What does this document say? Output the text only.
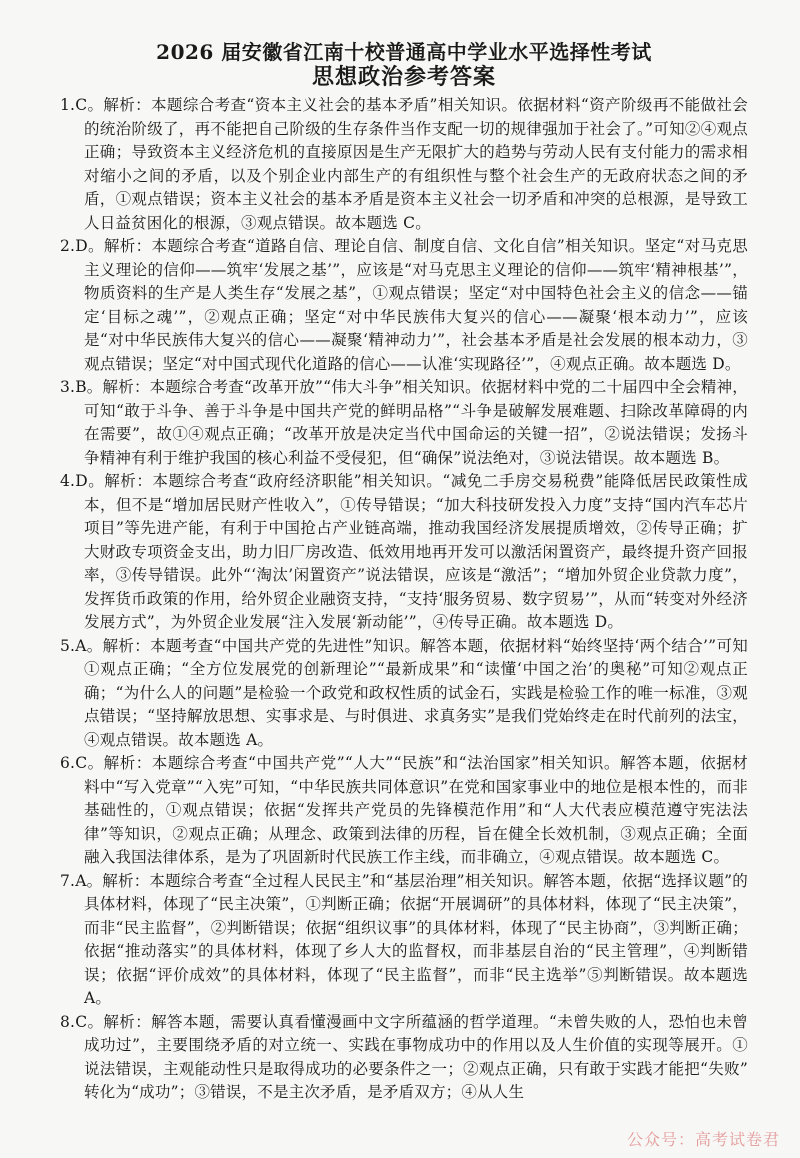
2026 届安徽省江南十校普通高中学业水平选择性考试
思想政治参考答案

1.C。解析：本题综合考查“资本主义社会的基本矛盾”相关知识。依据材料“资产阶级再不能做社会的统治阶级了，再不能把自己阶级的生存条件当作支配一切的规律强加于社会了。”可知②④观点正确；导致资本主义经济危机的直接原因是生产无限扩大的趋势与劳动人民有支付能力的需求相对缩小之间的矛盾，以及个别企业内部生产的有组织性与整个社会生产的无政府状态之间的矛盾，①观点错误；资本主义社会的基本矛盾是资本主义社会一切矛盾和冲突的总根源，是导致工人日益贫困化的根源，③观点错误。故本题选 C。

2.D。解析：本题综合考查“道路自信、理论自信、制度自信、文化自信”相关知识。坚定“对马克思主义理论的信仰——筑牢‘发展之基’”，应该是“对马克思主义理论的信仰——筑牢‘精神根基’”，物质资料的生产是人类生存“发展之基”，①观点错误；坚定“对中国特色社会主义的信念——锚定‘目标之魂’”，②观点正确；坚定“对中华民族伟大复兴的信心——凝聚‘根本动力’”，应该是“对中华民族伟大复兴的信心——凝聚‘精神动力’”，社会基本矛盾是社会发展的根本动力，③观点错误；坚定“对中国式现代化道路的信心——认准‘实现路径’”，④观点正确。故本题选 D。

3.B。解析：本题综合考查“改革开放”“伟大斗争”相关知识。依据材料中党的二十届四中全会精神，可知“敢于斗争、善于斗争是中国共产党的鲜明品格”“斗争是破解发展难题、扫除改革障碍的内在需要”，故①④观点正确；“改革开放是决定当代中国命运的关键一招”，②说法错误；发扬斗争精神有利于维护我国的核心利益不受侵犯，但“确保”说法绝对，③说法错误。故本题选 B。

4.D。解析：本题综合考查“政府经济职能”相关知识。“减免二手房交易税费”能降低居民政策性成本，但不是“增加居民财产性收入”，①传导错误；“加大科技研发投入力度”支持“国内汽车芯片项目”等先进产能，有利于中国抢占产业链高端，推动我国经济发展提质增效，②传导正确；扩大财政专项资金支出，助力旧厂房改造、低效用地再开发可以激活闲置资产，最终提升资产回报率，③传导错误。此外“‘淘汰’闲置资产”说法错误，应该是“激活”；“增加外贸企业贷款力度”，发挥货币政策的作用，给外贸企业融资支持，“支持‘服务贸易、数字贸易’”，从而“转变对外经济发展方式”，为外贸企业发展“注入发展‘新动能’”，④传导正确。故本题选 D。

5.A。解析：本题考查“中国共产党的先进性”知识。解答本题，依据材料“始终坚持‘两个结合’”可知①观点正确；“全方位发展党的创新理论”“最新成果”和“读懂‘中国之治’的奥秘”可知②观点正确；“为什么人的问题”是检验一个政党和政权性质的试金石，实践是检验工作的唯一标准，③观点错误；“坚持解放思想、实事求是、与时俱进、求真务实”是我们党始终走在时代前列的法宝，④观点错误。故本题选 A。

6.C。解析：本题综合考查“中国共产党”“人大”“民族”和“法治国家”相关知识。解答本题，依据材料中“写入党章”“入宪”可知，“中华民族共同体意识”在党和国家事业中的地位是根本性的，而非基础性的，①观点错误；依据“发挥共产党员的先锋模范作用”和“人大代表应模范遵守宪法法律”等知识，②观点正确；从理念、政策到法律的历程，旨在健全长效机制，③观点正确；全面融入我国法律体系，是为了巩固新时代民族工作主线，而非确立，④观点错误。故本题选 C。

7.A。解析：本题综合考查“全过程人民民主”和“基层治理”相关知识。解答本题，依据“选择议题”的具体材料，体现了“民主决策”，①判断正确；依据“开展调研”的具体材料，体现了“民主决策”，而非“民主监督”，②判断错误；依据“组织议事”的具体材料，体现了“民主协商”，③判断正确；依据“推动落实”的具体材料，体现了乡人大的监督权，而非基层自治的“民主管理”，④判断错误；依据“评价成效”的具体材料，体现了“民主监督”，而非“民主选举”⑤判断错误。故本题选 A。

8.C。解析：解答本题，需要认真看懂漫画中文字所蕴涵的哲学道理。“未曾失败的人，恐怕也未曾成功过”，主要围绕矛盾的对立统一、实践在事物成功中的作用以及人生价值的实现等展开。①说法错误，主观能动性只是取得成功的必要条件之一；②观点正确，只有敢于实践才能把“失败” 转化为“成功”；③错误，不是主次矛盾，是矛盾双方；④从人生

公众号：高考试卷君
